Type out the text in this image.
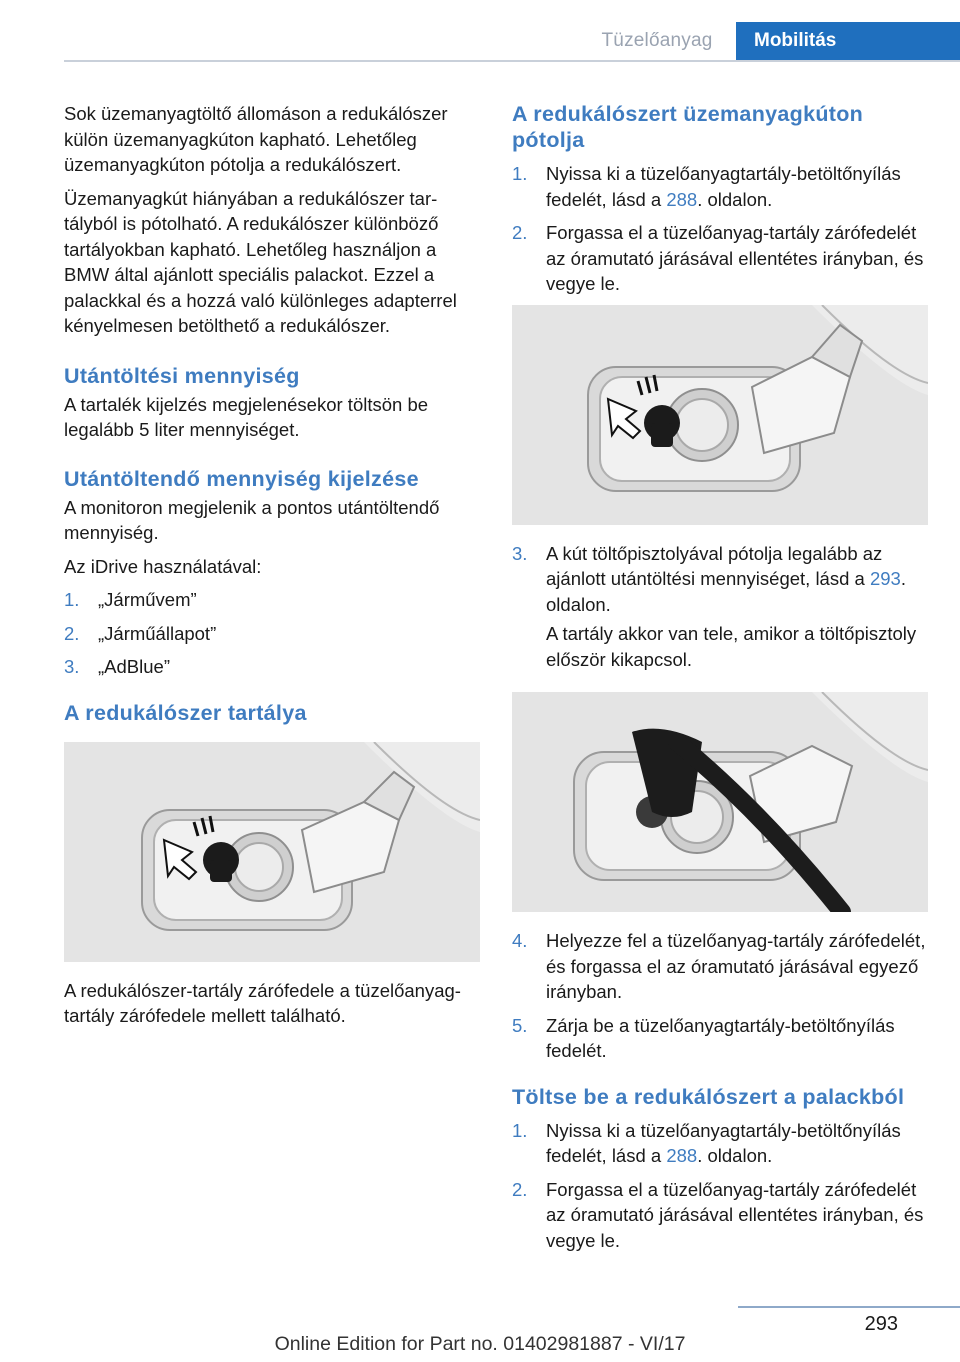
Tüzelőanyag	Mobilitás

Sok üzemanyagtöltő állomáson a redukálószer külön üzemanyagkúton kapható. Lehetőleg üzemanyagkúton pótolja a redukálószert.

Üzemanyagkút hiányában a redukálószer tartályból is pótolható. A redukálószer különböző tartályokban kapható. Lehetőleg használjon a BMW által ajánlott speciális palackot. Ezzel a palackkal és a hozzá való különleges adapterrel kényelmesen betölthető a redukálószer.

Utántöltési mennyiség

A tartalék kijelzés megjelenésekor töltsön be legalább 5 liter mennyiséget.

Utántöltendő mennyiség kijelzése

A monitoron megjelenik a pontos utántöltendő mennyiség.

Az iDrive használatával:

1.	„Járművem”
2.	„Járműállapot”
3.	„AdBlue”
A redukálószer tartálya

A redukálószer-tartály zárófedele a tüzelőanyag-tartály zárófedele mellett található.

A redukálószert üzemanyagkúton pótolja
1.	Nyissa ki a tüzelőanyagtartály-betöltőnyílás fedelét, lásd a 288. oldalon.
2.	Forgassa el a tüzelőanyag-tartály zárófedelét az óramutató járásával ellentétes irányban, és vegye le.
3.	A kút töltőpisztolyával pótolja legalább az ajánlott utántöltési mennyiséget, lásd a 293. oldalon.

A tartály akkor van tele, amikor a töltőpisztoly először kikapcsol.

4.	Helyezze fel a tüzelőanyag-tartály zárófedelét, és forgassa el az óramutató járásával egyező irányban.
5.	Zárja be a tüzelőanyagtartály-betöltőnyílás fedelét.
Töltse be a redukálószert a palackból
1.	Nyissa ki a tüzelőanyagtartály-betöltőnyílás fedelét, lásd a 288. oldalon.
2.	Forgassa el a tüzelőanyag-tartály zárófedelét az óramutató járásával ellentétes irányban, és vegye le.
293
Online Edition for Part no. 01402981887 - VI/17
